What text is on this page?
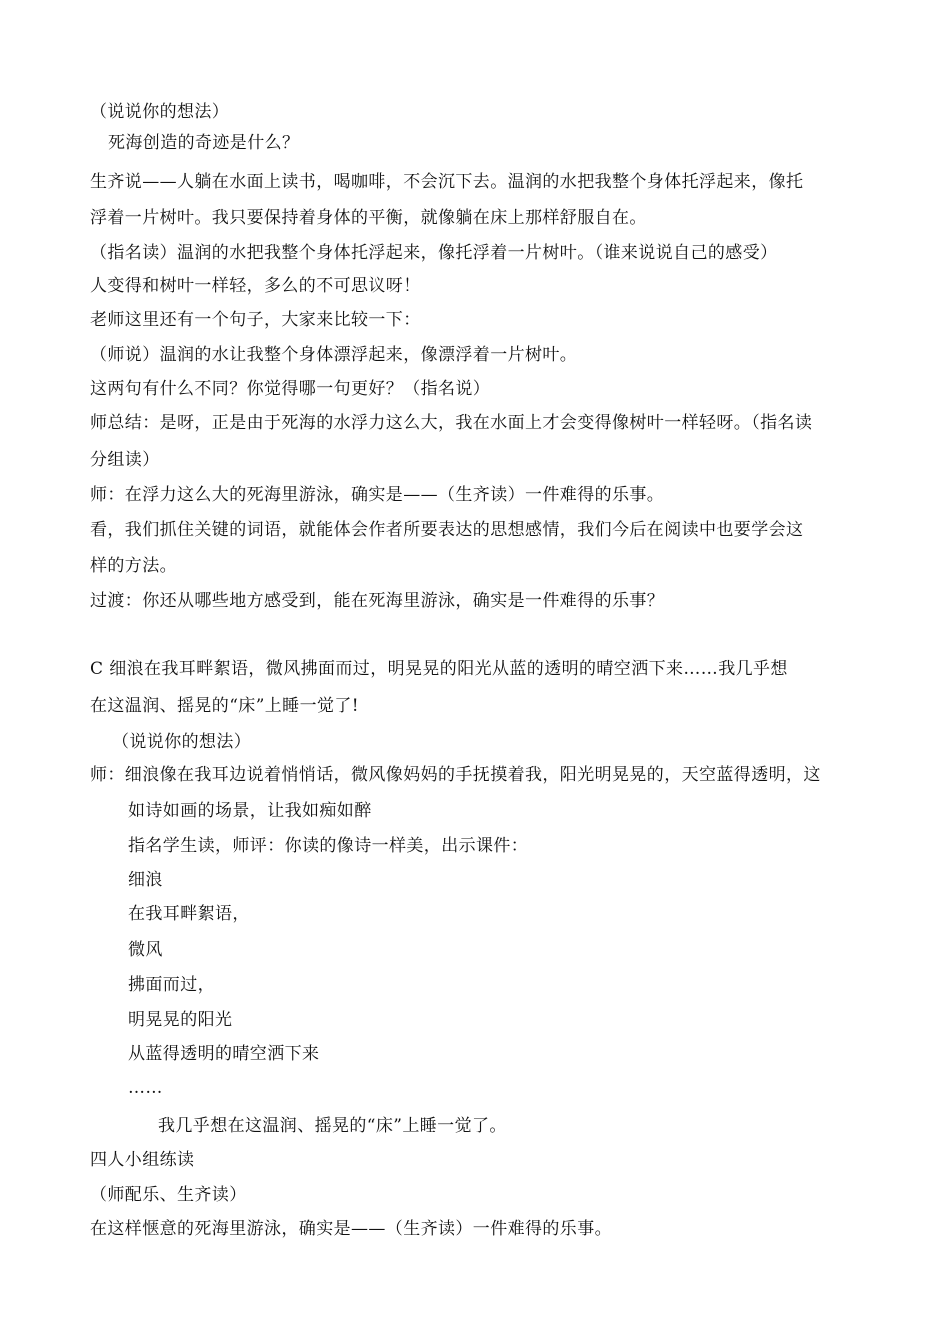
（说说你的想法）
死海创造的奇迹是什么？
生齐说——人躺在水面上读书，喝咖啡，不会沉下去。温润的水把我整个身体托浮起来，像托
浮着一片树叶。我只要保持着身体的平衡，就像躺在床上那样舒服自在。
（指名读）温润的水把我整个身体托浮起来，像托浮着一片树叶。（谁来说说自己的感受）
人变得和树叶一样轻，多么的不可思议呀！
老师这里还有一个句子，大家来比较一下：
（师说）温润的水让我整个身体漂浮起来，像漂浮着一片树叶。
这两句有什么不同？你觉得哪一句更好？（指名说）
师总结：是呀，正是由于死海的水浮力这么大，我在水面上才会变得像树叶一样轻呀。（指名读
分组读）
师：在浮力这么大的死海里游泳，确实是——（生齐读）一件难得的乐事。
看，我们抓住关键的词语，就能体会作者所要表达的思想感情，我们今后在阅读中也要学会这
样的方法。
过渡：你还从哪些地方感受到，能在死海里游泳，确实是一件难得的乐事？
C 细浪在我耳畔絮语，微风拂面而过，明晃晃的阳光从蓝的透明的晴空洒下来……我几乎想
在这温润、摇晃的“床”上睡一觉了!
（说说你的想法）
师：细浪像在我耳边说着悄悄话，微风像妈妈的手抚摸着我，阳光明晃晃的，天空蓝得透明，这
如诗如画的场景，让我如痴如醉
指名学生读，师评：你读的像诗一样美，出示课件：
细浪
在我耳畔絮语，
微风
拂面而过，
明晃晃的阳光
从蓝得透明的晴空洒下来
……
我几乎想在这温润、摇晃的“床”上睡一觉了。
四人小组练读
（师配乐、生齐读）
在这样惬意的死海里游泳，确实是——（生齐读）一件难得的乐事。
